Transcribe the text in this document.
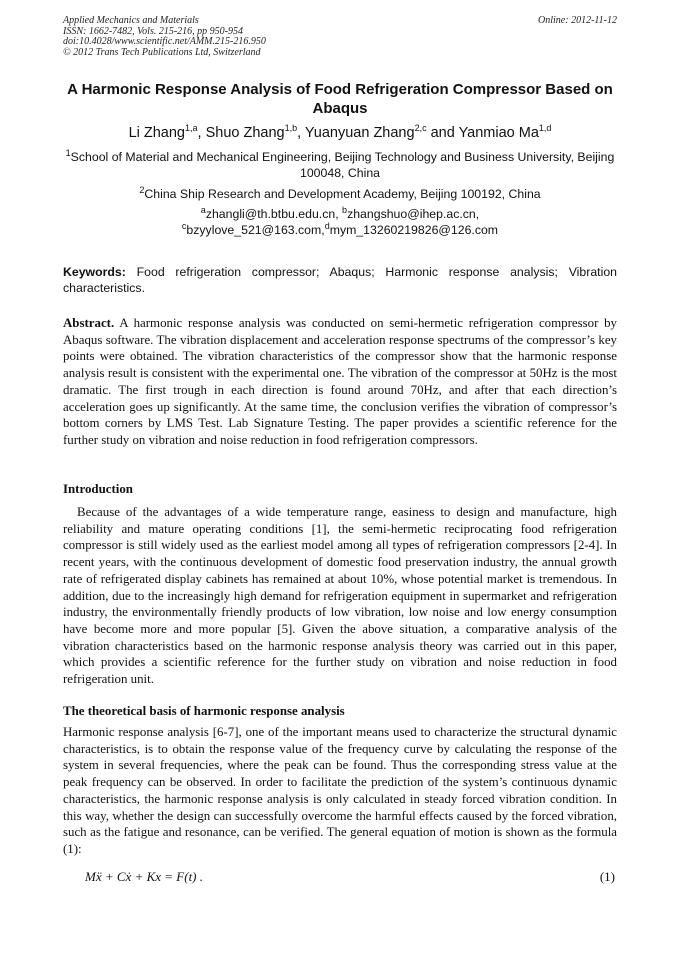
Applied Mechanics and Materials
ISSN: 1662-7482, Vols. 215-216, pp 950-954
doi:10.4028/www.scientific.net/AMM.215-216.950
© 2012 Trans Tech Publications Ltd, Switzerland
Online: 2012-11-12
A Harmonic Response Analysis of Food Refrigeration Compressor Based on Abaqus
Li Zhang$^{1,a}$, Shuo Zhang$^{1,b}$, Yuanyuan Zhang$^{2,c}$ and Yanmiao Ma$^{1,d}$
$^1$School of Material and Mechanical Engineering, Beijing Technology and Business University, Beijing 100048, China
$^2$China Ship Research and Development Academy, Beijing 100192, China
$^a$zhangli@th.btbu.edu.cn, $^b$zhangshuo@ihep.ac.cn,
$^c$bzyylove_521@163.com,$^d$mym_13260219826@126.com
Keywords: Food refrigeration compressor; Abaqus; Harmonic response analysis; Vibration characteristics.
Abstract. A harmonic response analysis was conducted on semi-hermetic refrigeration compressor by Abaqus software. The vibration displacement and acceleration response spectrums of the compressor’s key points were obtained. The vibration characteristics of the compressor show that the harmonic response analysis result is consistent with the experimental one. The vibration of the compressor at 50Hz is the most dramatic. The first trough in each direction is found around 70Hz, and after that each direction’s acceleration goes up significantly. At the same time, the conclusion verifies the vibration of compressor’s bottom corners by LMS Test. Lab Signature Testing. The paper provides a scientific reference for the further study on vibration and noise reduction in food refrigeration compressors.
Introduction
Because of the advantages of a wide temperature range, easiness to design and manufacture, high reliability and mature operating conditions [1], the semi-hermetic reciprocating food refrigeration compressor is still widely used as the earliest model among all types of refrigeration compressors [2-4]. In recent years, with the continuous development of domestic food preservation industry, the annual growth rate of refrigerated display cabinets has remained at about 10%, whose potential market is tremendous. In addition, due to the increasingly high demand for refrigeration equipment in supermarket and refrigeration industry, the environmentally friendly products of low vibration, low noise and low energy consumption have become more and more popular [5]. Given the above situation, a comparative analysis of the vibration characteristics based on the harmonic response analysis theory was carried out in this paper, which provides a scientific reference for the further study on vibration and noise reduction in food refrigeration unit.
The theoretical basis of harmonic response analysis
Harmonic response analysis [6-7], one of the important means used to characterize the structural dynamic characteristics, is to obtain the response value of the frequency curve by calculating the response of the system in several frequencies, where the peak can be found. Thus the corresponding stress value at the peak frequency can be observed. In order to facilitate the prediction of the system’s continuous dynamic characteristics, the harmonic response analysis is only calculated in steady forced vibration condition. In this way, whether the design can successfully overcome the harmful effects caused by the forced vibration, such as the fatigue and resonance, can be verified. The general equation of motion is shown as the formula (1):
Mẍ + Cẋ + Kx = F(t) .	(1)
